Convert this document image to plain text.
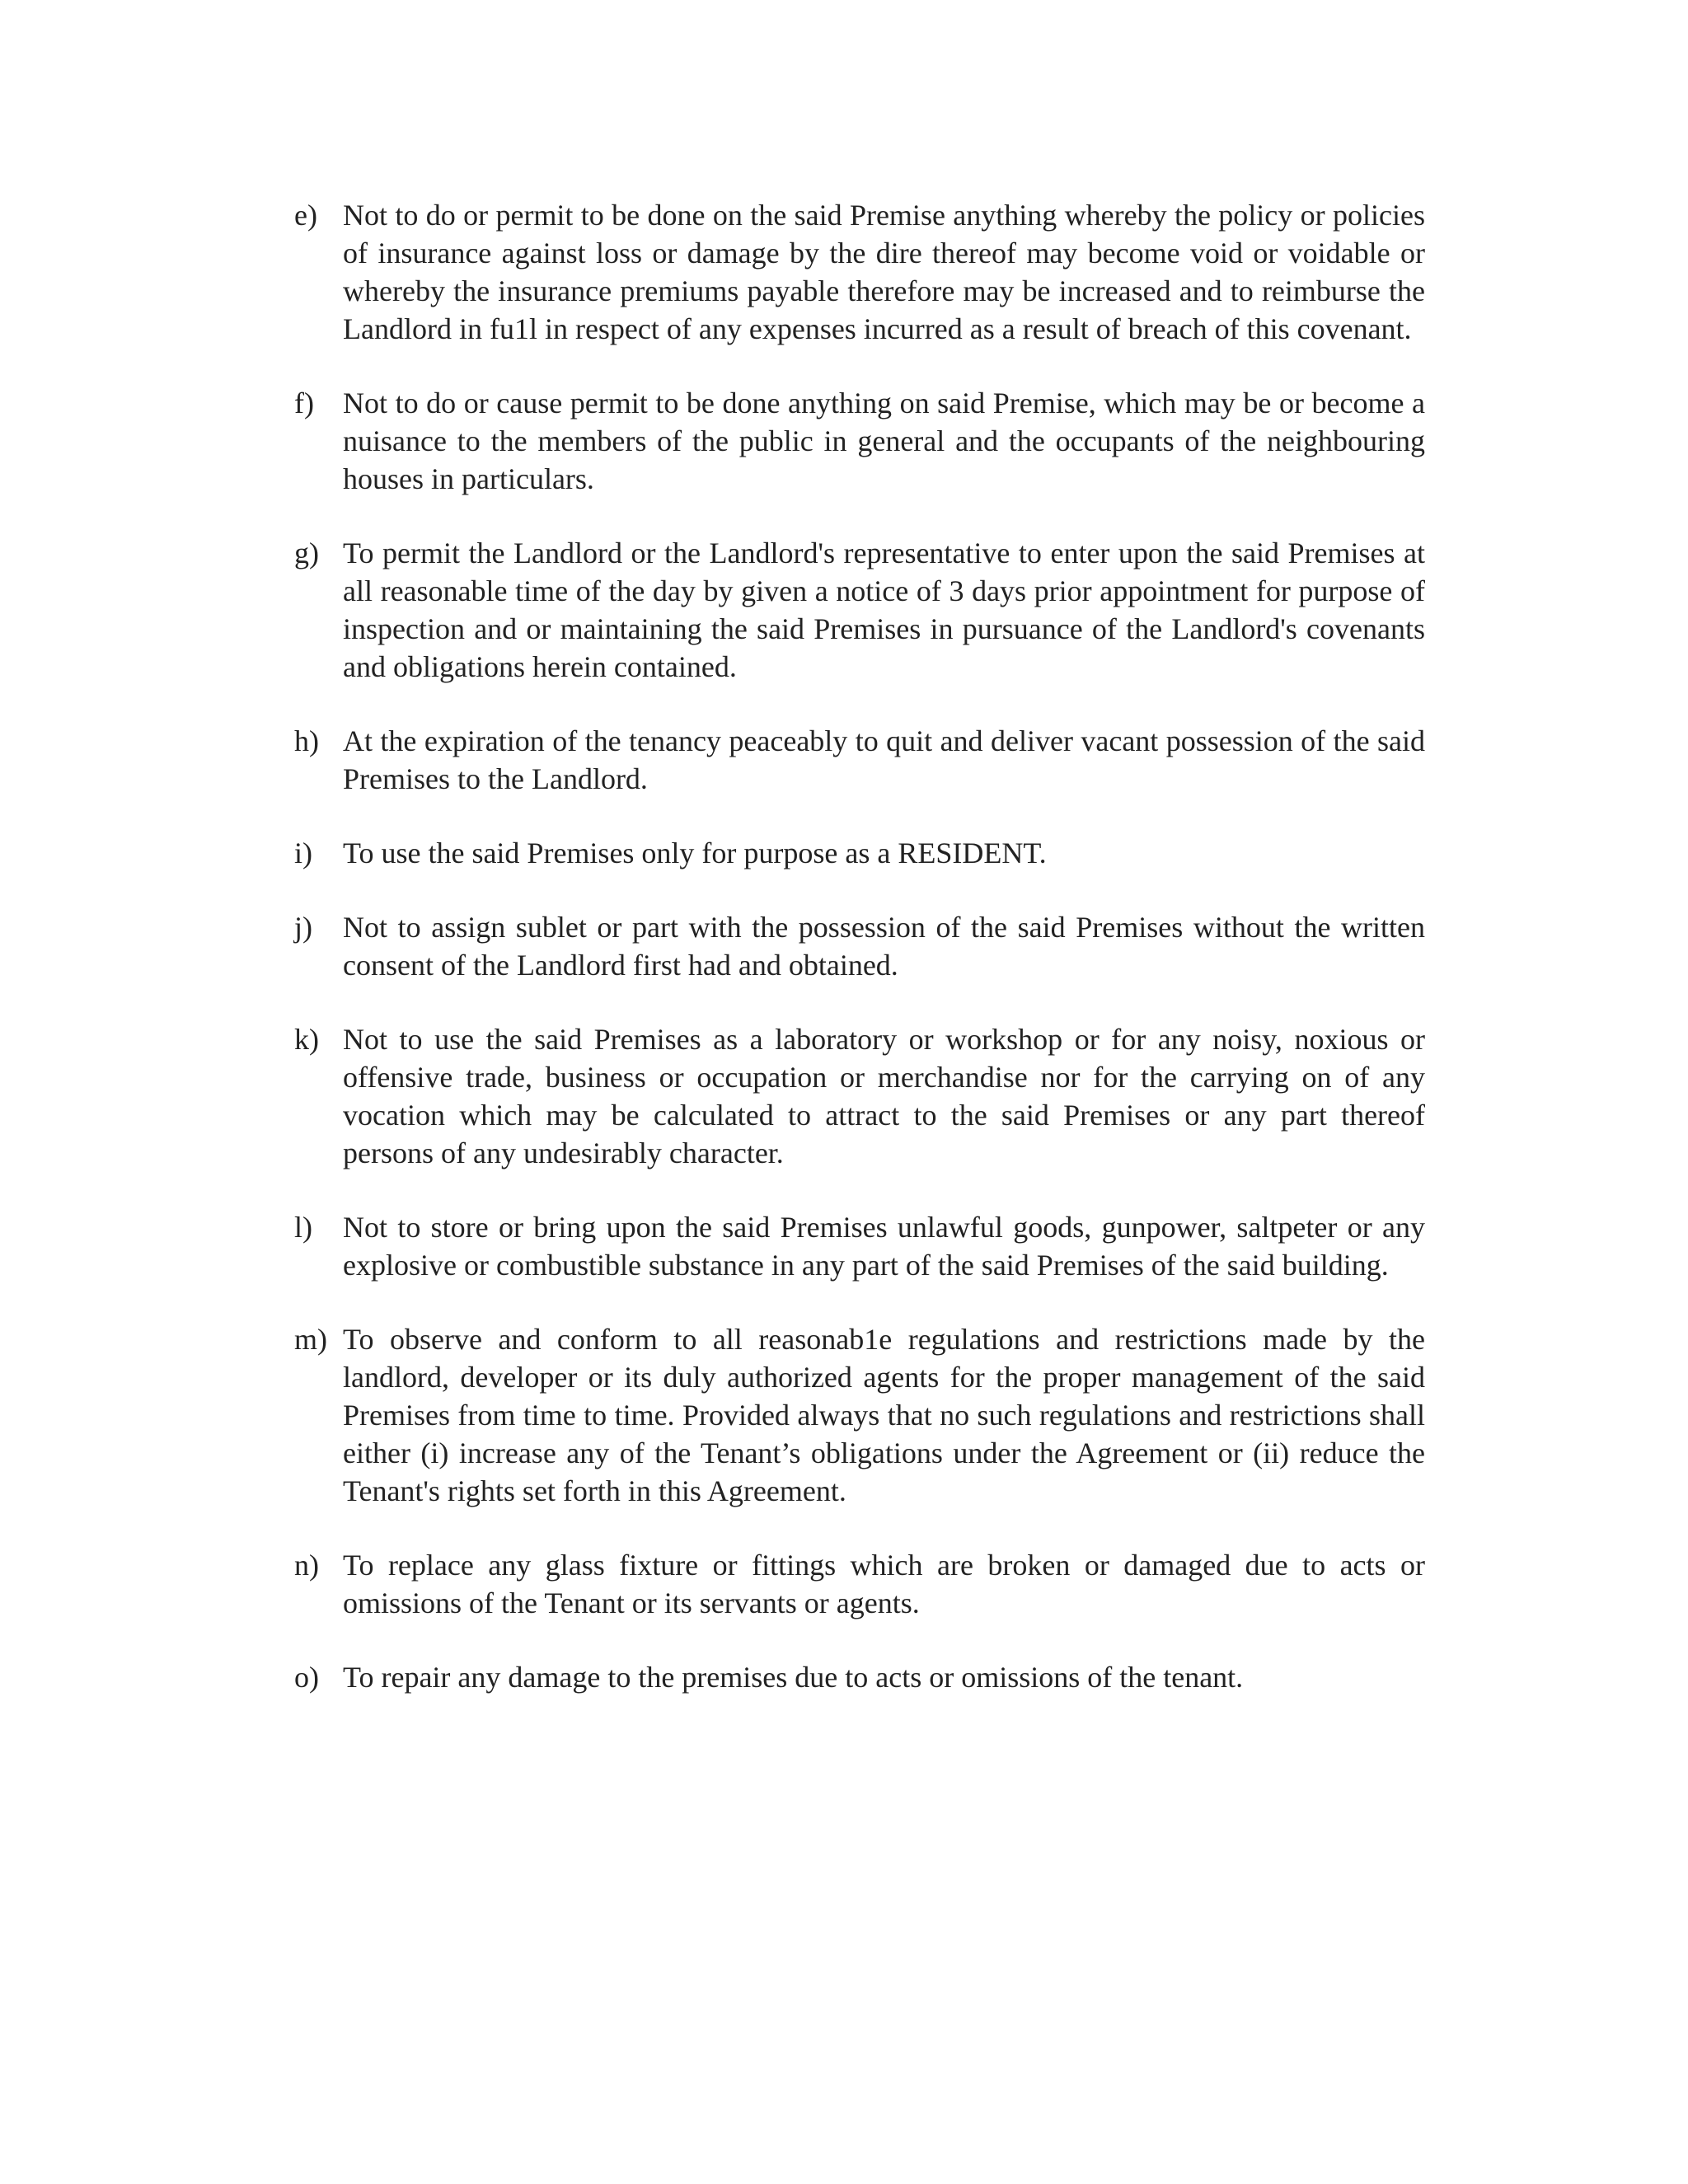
e) Not to do or permit to be done on the said Premise anything whereby the policy or policies of insurance against loss or damage by the dire thereof may become void or voidable or whereby the insurance premiums payable therefore may be increased and to reimburse the Landlord in fu1l in respect of any expenses incurred as a result of breach of this covenant.
f) Not to do or cause permit to be done anything on said Premise, which may be or become a nuisance to the members of the public in general and the occupants of the neighbouring houses in particulars.
g) To permit the Landlord or the Landlord's representative to enter upon the said Premises at all reasonable time of the day by given a notice of 3 days prior appointment for purpose of inspection and or maintaining the said Premises in pursuance of the Landlord's covenants and obligations herein contained.
h) At the expiration of the tenancy peaceably to quit and deliver vacant possession of the said Premises to the Landlord.
i)	To use the said Premises only for purpose as a RESIDENT.
j)	Not to assign sublet or part with the possession of the said Premises without the written consent of the Landlord first had and obtained.
k) Not to use the said Premises as a laboratory or workshop or for any noisy, noxious or offensive trade, business or occupation or merchandise nor for the carrying on of any vocation which may be calculated to attract to the said Premises or any part thereof persons of any undesirably character.
l)	Not to store or bring upon the said Premises unlawful goods, gunpower, saltpeter or any explosive or combustible substance in any part of the said Premises of the said building.
m) To observe and conform to all reasonab1e regulations and restrictions made by the landlord, developer or its duly authorized agents for the proper management of the said Premises from time to time. Provided always that no such regulations and restrictions shall either (i) increase any of the Tenant’s obligations under the Agreement or (ii) reduce the Tenant's rights set forth in this Agreement.
n) To replace any glass fixture or fittings which are broken or damaged due to acts or omissions of the Tenant or its servants or agents.
o) To repair any damage to the premises due to acts or omissions of the tenant.
